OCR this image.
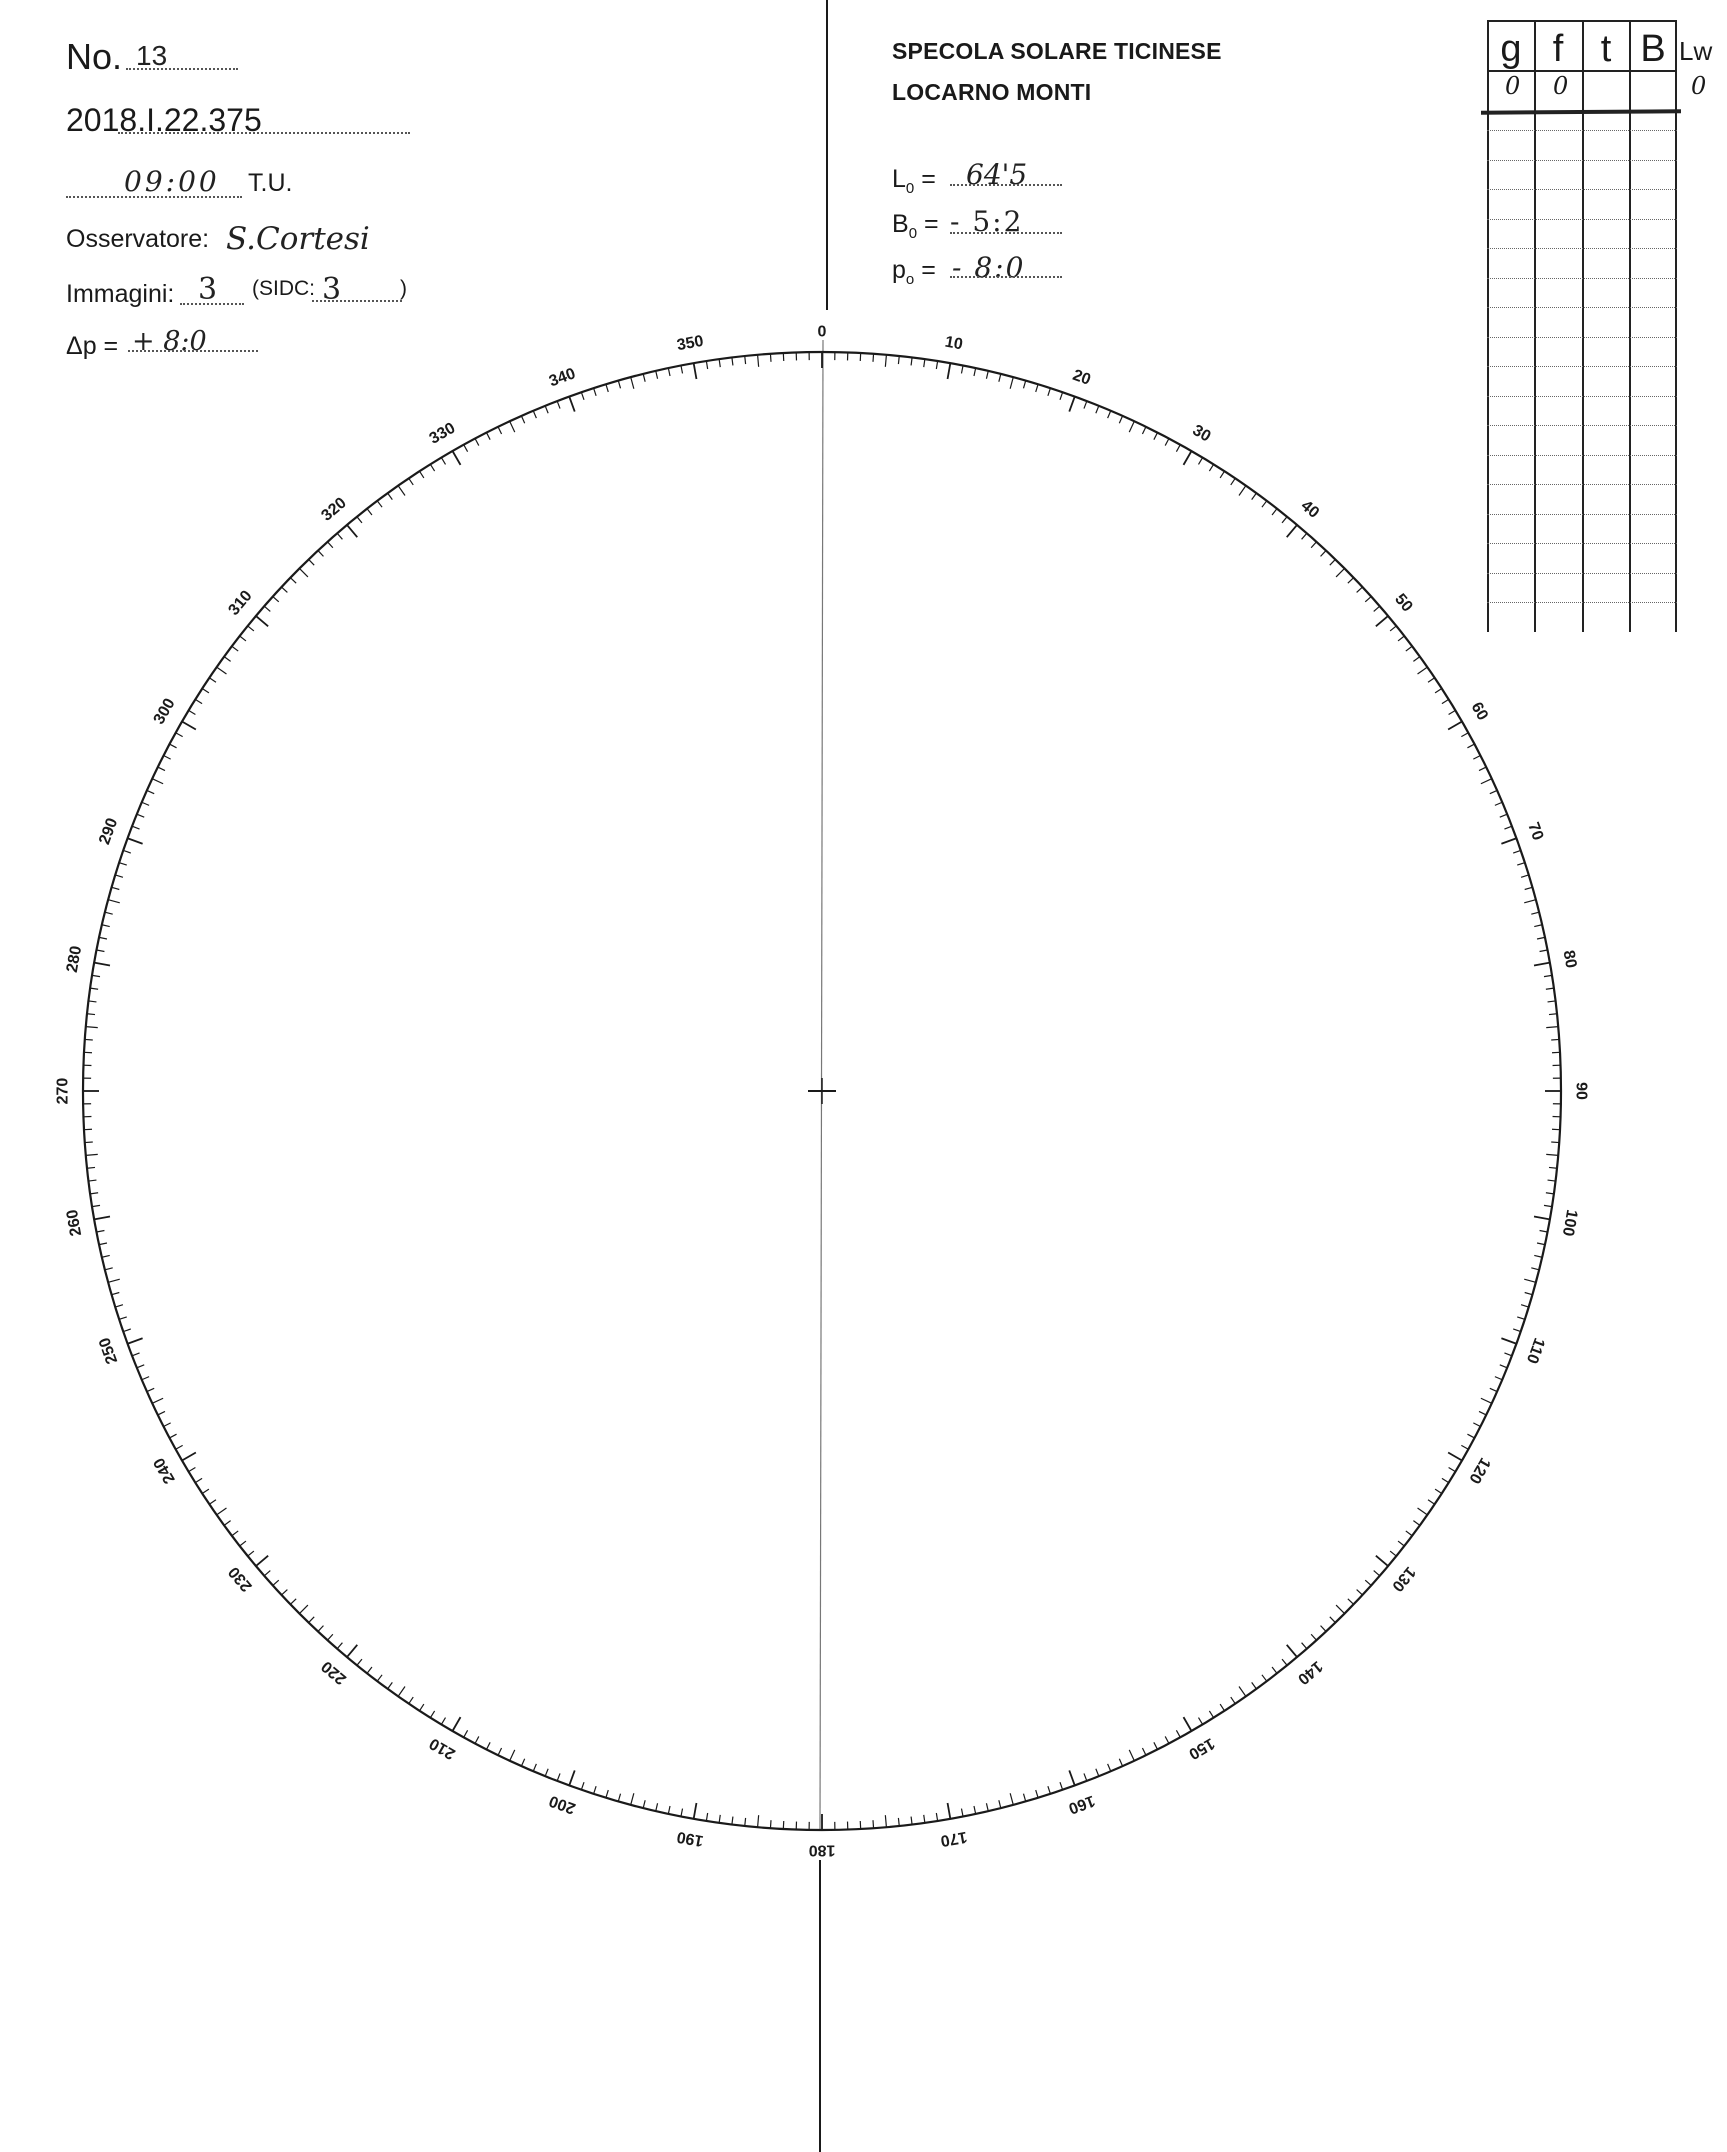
0
10
20
30
40
50
60
70
80
90
100
110
120
130
140
150
160
170
180
190
200
210
220
230
240
250
260
270
280
290
300
310
320
330
340
350
No. 13
2018.I.22.375
09:00 T.U.
Osservatore: S.Cortesi
Immagini: 3 (SIDC: 3	)
Δp = + 8:0
SPECOLA SOLARE TICINESE
LOCARNO MONTI
$L_0 = 64'5$
$B_0$ = - 5:2
$p_o$ = - 8:0
g f t B Lw
0 0	0
